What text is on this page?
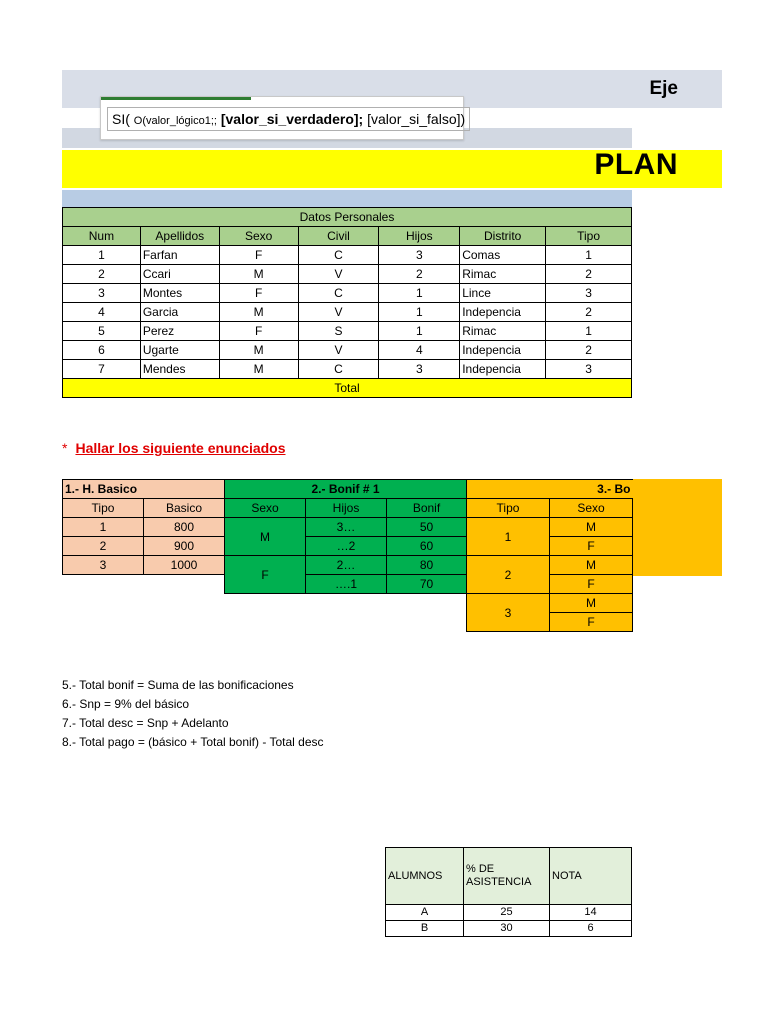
Eje
PLAN
SI( O(valor_lógico1;; [valor_si_verdadero]; [valor_si_falso])
Datos Personales						
Num	Apellidos	Sexo	Civil	Hijos	Distrito	Tipo
1	Farfan	F	C	3	Comas	1
2	Ccari	M	V	2	Rimac	2
3	Montes	F	C	1	Lince	3
4	Garcia	M	V	1	Indepencia	2
5	Perez	F	S	1	Rimac	1
6	Ugarte	M	V	4	Indepencia	2
7	Mendes	M	C	3	Indepencia	3
Total						
* Hallar los siguiente enunciados
1.- H. Basico		2.- Bonif # 1			3.- Bo	
Tipo	Basico	Sexo	Hijos	Bonif	Tipo	Sexo
1	800	M	3…	50	1	M
2	900		…2	60		F
3	1000	F	2…	80	2	M
			….1	70		F
					3	M
						F
5.- Total bonif = Suma de las bonificaciones
6.- Snp = 9% del básico
7.- Total desc = Snp + Adelanto
8.- Total pago = (básico + Total bonif) - Total desc
ALUMNOS	% DE ASISTENCIA	NOTA
A	25	14
B	30	6
